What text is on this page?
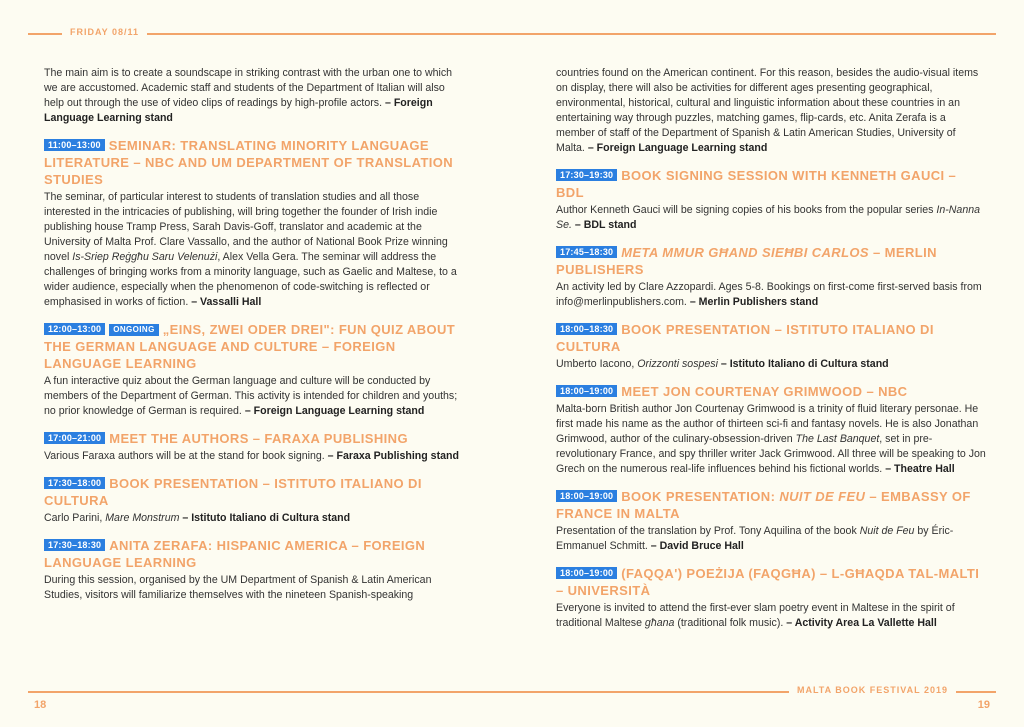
FRIDAY 08/11
MALTA BOOK FESTIVAL 2019
18	19

The main aim is to create a soundscape in striking contrast with the urban one to which we are accustomed. Academic staff and students of the Department of Italian will also help out through the use of video clips of readings by high-profile actors. – Foreign Language Learning stand

11:00–13:00 SEMINAR: TRANSLATING MINORITY LANGUAGE LITERATURE – NBC AND UM DEPARTMENT OF TRANSLATION STUDIES

The seminar, of particular interest to students of translation studies and all those interested in the intricacies of publishing, will bring together the founder of Irish indie publishing house Tramp Press, Sarah Davis-Goff, translator and academic at the University of Malta Prof. Clare Vassallo, and the author of National Book Prize winning novel Is-Sriep Reġgħu Saru Velenużi, Alex Vella Gera. The seminar will address the challenges of bringing works from a minority language, such as Gaelic and Maltese, to a wider audience, especially when the phenomenon of code-switching is reflected or emphasised in works of fiction. – Vassalli Hall

12:00–13:00 ONGOING „EINS, ZWEI ODER DREI": FUN QUIZ ABOUT THE GERMAN LANGUAGE AND CULTURE – FOREIGN LANGUAGE LEARNING

A fun interactive quiz about the German language and culture will be conducted by members of the Department of German. This activity is intended for children and youths; no prior knowledge of German is required. – Foreign Language Learning stand

17:00–21:00 MEET THE AUTHORS – FARAXA PUBLISHING

Various Faraxa authors will be at the stand for book signing. – Faraxa Publishing stand

17:30–18:00 BOOK PRESENTATION – ISTITUTO ITALIANO DI CULTURA

Carlo Parini, Mare Monstrum – Istituto Italiano di Cultura stand

17:30–18:30 ANITA ZERAFA: HISPANIC AMERICA – FOREIGN LANGUAGE LEARNING

During this session, organised by the UM Department of Spanish & Latin American Studies, visitors will familiarize themselves with the nineteen Spanish-speaking

countries found on the American continent. For this reason, besides the audio-visual items on display, there will also be activities for different ages presenting geographical, environmental, historical, cultural and linguistic information about these countries in an entertaining way through puzzles, matching games, flip-cards, etc. Anita Zerafa is a member of staff of the Department of Spanish & Latin American Studies, University of Malta. – Foreign Language Learning stand

17:30–19:30 BOOK SIGNING SESSION WITH KENNETH GAUCI – BDL

Author Kenneth Gauci will be signing copies of his books from the popular series In-Nanna Se. – BDL stand

17:45–18:30 META MMUR GĦAND SIEĦBI CARLOS – MERLIN PUBLISHERS

An activity led by Clare Azzopardi. Ages 5-8. Bookings on first-come first-served basis from info@merlinpublishers.com. – Merlin Publishers stand

18:00–18:30 BOOK PRESENTATION – ISTITUTO ITALIANO DI CULTURA

Umberto Iacono, Orizzonti sospesi – Istituto Italiano di Cultura stand

18:00–19:00 MEET JON COURTENAY GRIMWOOD – NBC

Malta-born British author Jon Courtenay Grimwood is a trinity of fluid literary personae. He first made his name as the author of thirteen sci-fi and fantasy novels. He is also Jonathan Grimwood, author of the culinary-obsession-driven The Last Banquet, set in pre-revolutionary France, and spy thriller writer Jack Grimwood. All three will be speaking to Jon Grech on the numerous real-life influences behind his fictional worlds. – Theatre Hall

18:00–19:00 BOOK PRESENTATION: NUIT DE FEU – EMBASSY OF FRANCE IN MALTA

Presentation of the translation by Prof. Tony Aquilina of the book Nuit de Feu by Éric-Emmanuel Schmitt. – David Bruce Hall

18:00–19:00 (FAQQA') POEŻIJA (FAQGĦA) – L-GĦAQDA TAL-MALTI – UNIVERSITÀ

Everyone is invited to attend the first-ever slam poetry event in Maltese in the spirit of traditional Maltese għana (traditional folk music). – Activity Area La Vallette Hall
